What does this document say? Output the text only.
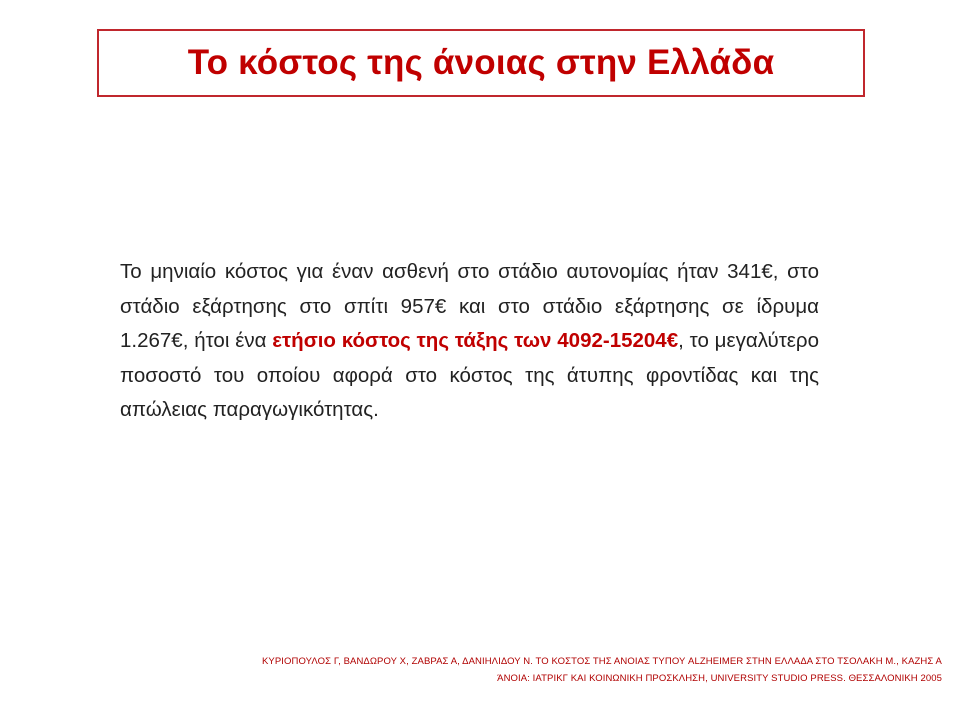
Το κόστος της άνοιας στην Ελλάδα
Το μηνιαίο κόστος για έναν ασθενή στο στάδιο αυτονομίας ήταν 341€, στο στάδιο εξάρτησης στο σπίτι 957€ και στο στάδιο εξάρτησης σε ίδρυμα 1.267€, ήτοι ένα ετήσιο κόστος της τάξης των 4092-15204€, το μεγαλύτερο ποσοστό του οποίου αφορά στο κόστος της άτυπης φροντίδας και της απώλειας παραγωγικότητας.
ΚΥΡΙΟΠΟΥΛΟΣ Γ, ΒΑΝΔΩΡΟΥ Χ, ΖΑΒΡΑΣ Α, ΔΑΝΙΗΛΙΔΟΥ Ν. ΤΟ ΚΟΣΤΟΣ ΤΗΣ ΑΝΟΙΑΣ ΤΥΠΟΥ ALZHEIMER ΣΤΗΝ ΕΛΛΑΔΑ ΣΤΟ ΤΣΟΛΑΚΗ Μ., ΚΑΖΗΣ Α
ΆΝΟΙΑ: ΙΑΤΡΙΚΓ ΚΑΙ ΚΟΙΝΩΝΙΚΗ ΠΡΟΣΚΛΗΣΗ, UNIVERSITY STUDIO PRESS. ΘΕΣΣΑΛΟΝΙΚΗ 2005
